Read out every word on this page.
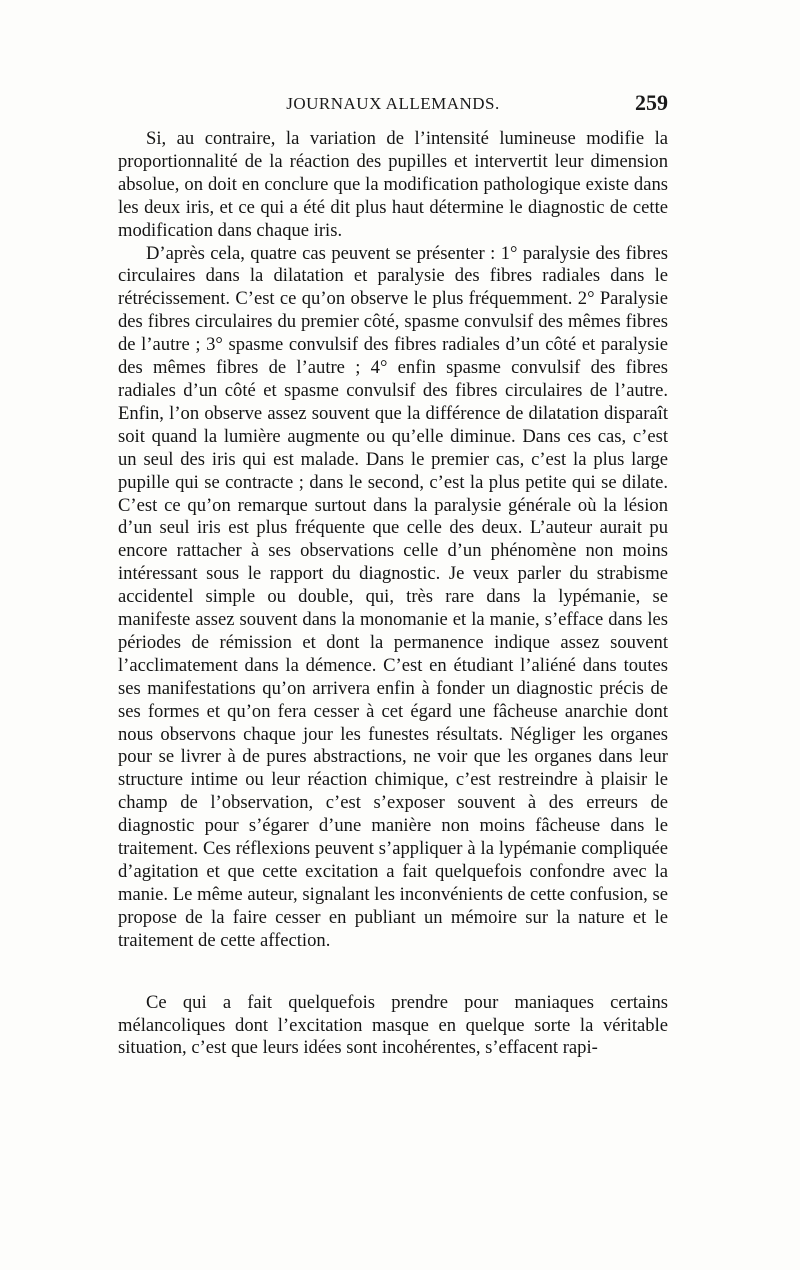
JOURNAUX ALLEMANDS.	259

Si, au contraire, la variation de l’intensité lumineuse modifie la proportionnalité de la réaction des pupilles et intervertit leur dimension absolue, on doit en conclure que la modification pathologique existe dans les deux iris, et ce qui a été dit plus haut détermine le diagnostic de cette modification dans chaque iris.

D’après cela, quatre cas peuvent se présenter : 1° paralysie des fibres circulaires dans la dilatation et paralysie des fibres radiales dans le rétrécissement. C’est ce qu’on observe le plus fréquemment. 2° Paralysie des fibres circulaires du premier côté, spasme convulsif des mêmes fibres de l’autre ; 3° spasme convulsif des fibres radiales d’un côté et paralysie des mêmes fibres de l’autre ; 4° enfin spasme convulsif des fibres radiales d’un côté et spasme convulsif des fibres circulaires de l’autre. Enfin, l’on observe assez souvent que la différence de dilatation disparaît soit quand la lumière augmente ou qu’elle diminue. Dans ces cas, c’est un seul des iris qui est malade. Dans le premier cas, c’est la plus large pupille qui se contracte ; dans le second, c’est la plus petite qui se dilate. C’est ce qu’on remarque surtout dans la paralysie générale où la lésion d’un seul iris est plus fréquente que celle des deux. L’auteur aurait pu encore rattacher à ses observations celle d’un phénomène non moins intéressant sous le rapport du diagnostic. Je veux parler du strabisme accidentel simple ou double, qui, très rare dans la lypémanie, se manifeste assez souvent dans la monomanie et la manie, s’efface dans les périodes de rémission et dont la permanence indique assez souvent l’acclimatement dans la démence. C’est en étudiant l’aliéné dans toutes ses manifestations qu’on arrivera enfin à fonder un diagnostic précis de ses formes et qu’on fera cesser à cet égard une fâcheuse anarchie dont nous observons chaque jour les funestes résultats. Négliger les organes pour se livrer à de pures abstractions, ne voir que les organes dans leur structure intime ou leur réaction chimique, c’est restreindre à plaisir le champ de l’observation, c’est s’exposer souvent à des erreurs de diagnostic pour s’égarer d’une manière non moins fâcheuse dans le traitement. Ces réflexions peuvent s’appliquer à la lypémanie compliquée d’agitation et que cette excitation a fait quelquefois confondre avec la manie. Le même auteur, signalant les inconvénients de cette confusion, se propose de la faire cesser en publiant un mémoire sur la nature et le traitement de cette affection.

Ce qui a fait quelquefois prendre pour maniaques certains mélancoliques dont l’excitation masque en quelque sorte la véritable situation, c’est que leurs idées sont incohérentes, s’effacent rapi-
